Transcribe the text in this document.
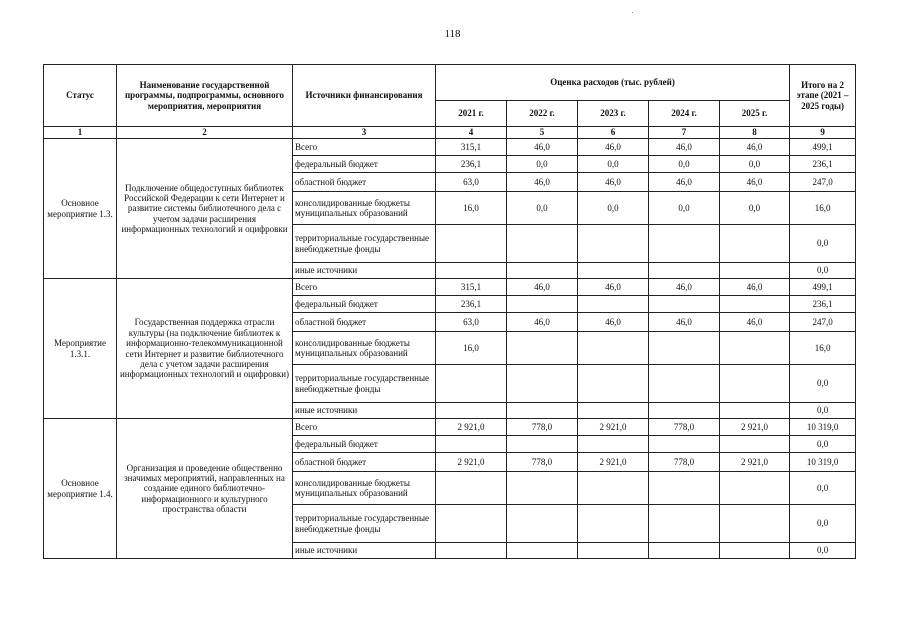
118
Статус	Наименование государственной программы, подпрограммы, основного мероприятия, мероприятия	Источники финансирования	Оценка расходов (тыс. рублей)					Итого на 2 этапе (2021 – 2025 годы)
			2021 г.	2022 г.	2023 г.	2024 г.	2025 г.	
1	2	3	4	5	6	7	8	9
Основное мероприятие 1.3.	Подключение общедоступных библиотек Российской Федерации к сети Интернет и развитие системы библиотечного дела с учетом задачи расширения информационных технологий и оцифровки	Всего	315,1	46,0	46,0	46,0	46,0	499,1
		федеральный бюджет	236,1	0,0	0,0	0,0	0,0	236,1
		областной бюджет	63,0	46,0	46,0	46,0	46,0	247,0
		консолидированные бюджеты муниципальных образований	16,0	0,0	0,0	0,0	0,0	16,0
		территориальные государственные внебюджетные фонды						0,0
		иные источники						0,0
Мероприятие 1.3.1.	Государственная поддержка отрасли культуры (на подключение библиотек к информационно-телекоммуникационной сети Интернет и развитие библиотечного дела с учетом задачи расширения информационных технологий и оцифровки)	Всего	315,1	46,0	46,0	46,0	46,0	499,1
		федеральный бюджет	236,1					236,1
		областной бюджет	63,0	46,0	46,0	46,0	46,0	247,0
		консолидированные бюджеты муниципальных образований	16,0					16,0
		территориальные государственные внебюджетные фонды						0,0
		иные источники						0,0
Основное мероприятие 1.4.	Организация и проведение общественно значимых мероприятий, направленных на создание единого библиотечно-информационного и культурного пространства области	Всего	2 921,0	778,0	2 921,0	778,0	2 921,0	10 319,0
		федеральный бюджет						0,0
		областной бюджет	2 921,0	778,0	2 921,0	778,0	2 921,0	10 319,0
		консолидированные бюджеты муниципальных образований						0,0
		территориальные государственные внебюджетные фонды						0,0
		иные источники						0,0
